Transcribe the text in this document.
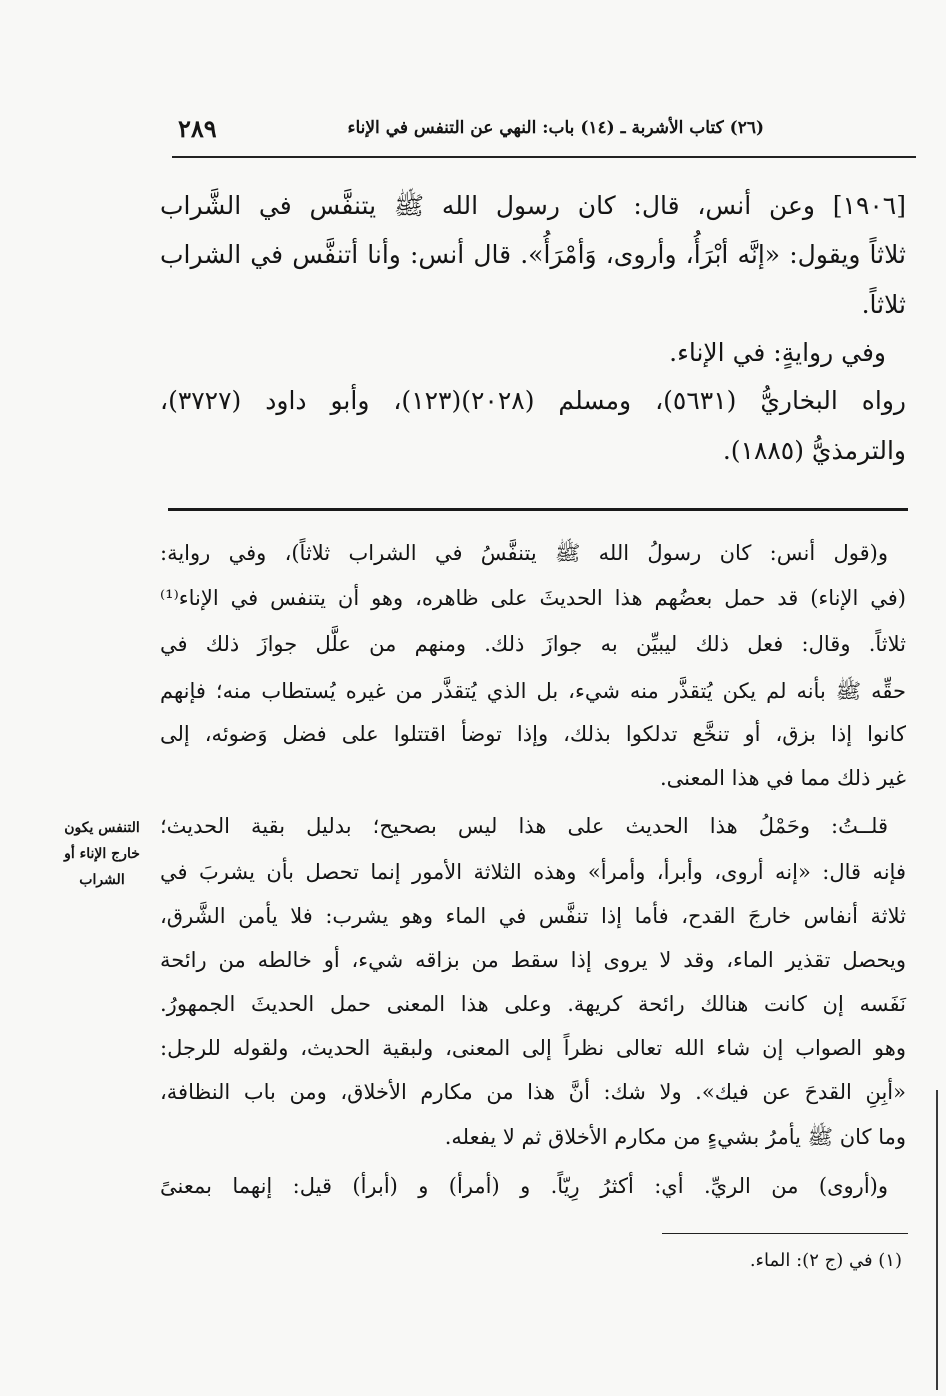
٢٨٩	(٢٦) كتاب الأشربة ـ (١٤) باب: النهي عن التنفس في الإناء
[١٩٠٦] وعن أنس، قال: كان رسول الله ﷺ يتنفَّس في الشَّراب
ثلاثاً ويقول: «إنَّه أبْرَأُ، وأروى، وَأمْرَأُ». قال أنس: وأنا أتنفَّس في الشراب
ثلاثاً.
وفي روايةٍ: في الإناء.
رواه البخاريُّ (٥٦٣١)، ومسلم (٢٠٢٨)(١٢٣)، وأبو داود (٣٧٢٧)،
والترمذيُّ (١٨٨٥).
و(قول أنس: كان رسولُ الله ﷺ يتنفَّسُ في الشراب ثلاثاً)، وفي رواية:
(في الإناء) قد حمل بعضُهم هذا الحديثَ على ظاهره، وهو أن يتنفس في الإناء⁽¹⁾
ثلاثاً. وقال: فعل ذلك ليبيِّن به جوازَ ذلك. ومنهم من علَّل جوازَ ذلك في
حقِّه ﷺ بأنه لم يكن يُتقذَّر منه شيء، بل الذي يُتقذَّر من غيره يُستطاب منه؛ فإنهم
كانوا إذا بزق، أو تنخَّع تدلكوا بذلك، وإذا توضأ اقتتلوا على فضل وَضوئه، إلى
غير ذلك مما في هذا المعنى.
قلــتُ: وحَمْلُ هذا الحديث على هذا ليس بصحيح؛ بدليل بقية الحديث؛
فإنه قال: «إنه أروى، وأبرأ، وأمرأ» وهذه الثلاثة الأمور إنما تحصل بأن يشربَ في
ثلاثة أنفاس خارجَ القدح، فأما إذا تنفَّس في الماء وهو يشرب: فلا يأمن الشَّرق،
ويحصل تقذير الماء، وقد لا يروى إذا سقط من بزاقه شيء، أو خالطه من رائحة
نَفَسه إن كانت هنالك رائحة كريهة. وعلى هذا المعنى حمل الحديثَ الجمهورُ.
وهو الصواب إن شاء الله تعالى نظراً إلى المعنى، ولبقية الحديث، ولقوله للرجل:
«أبِنِ القدحَ عن فيك». ولا شك: أنَّ هذا من مكارم الأخلاق، ومن باب النظافة،
وما كان ﷺ يأمرُ بشيءٍ من مكارم الأخلاق ثم لا يفعله.
و(أروى) من الريِّ. أي: أكثرُ رِيّاً. و (أمرأ) و (أبرأ) قيل: إنهما بمعنىً
التنفس يكون
خارج الإناء أو
الشراب
(١) في (ج ٢): الماء.
